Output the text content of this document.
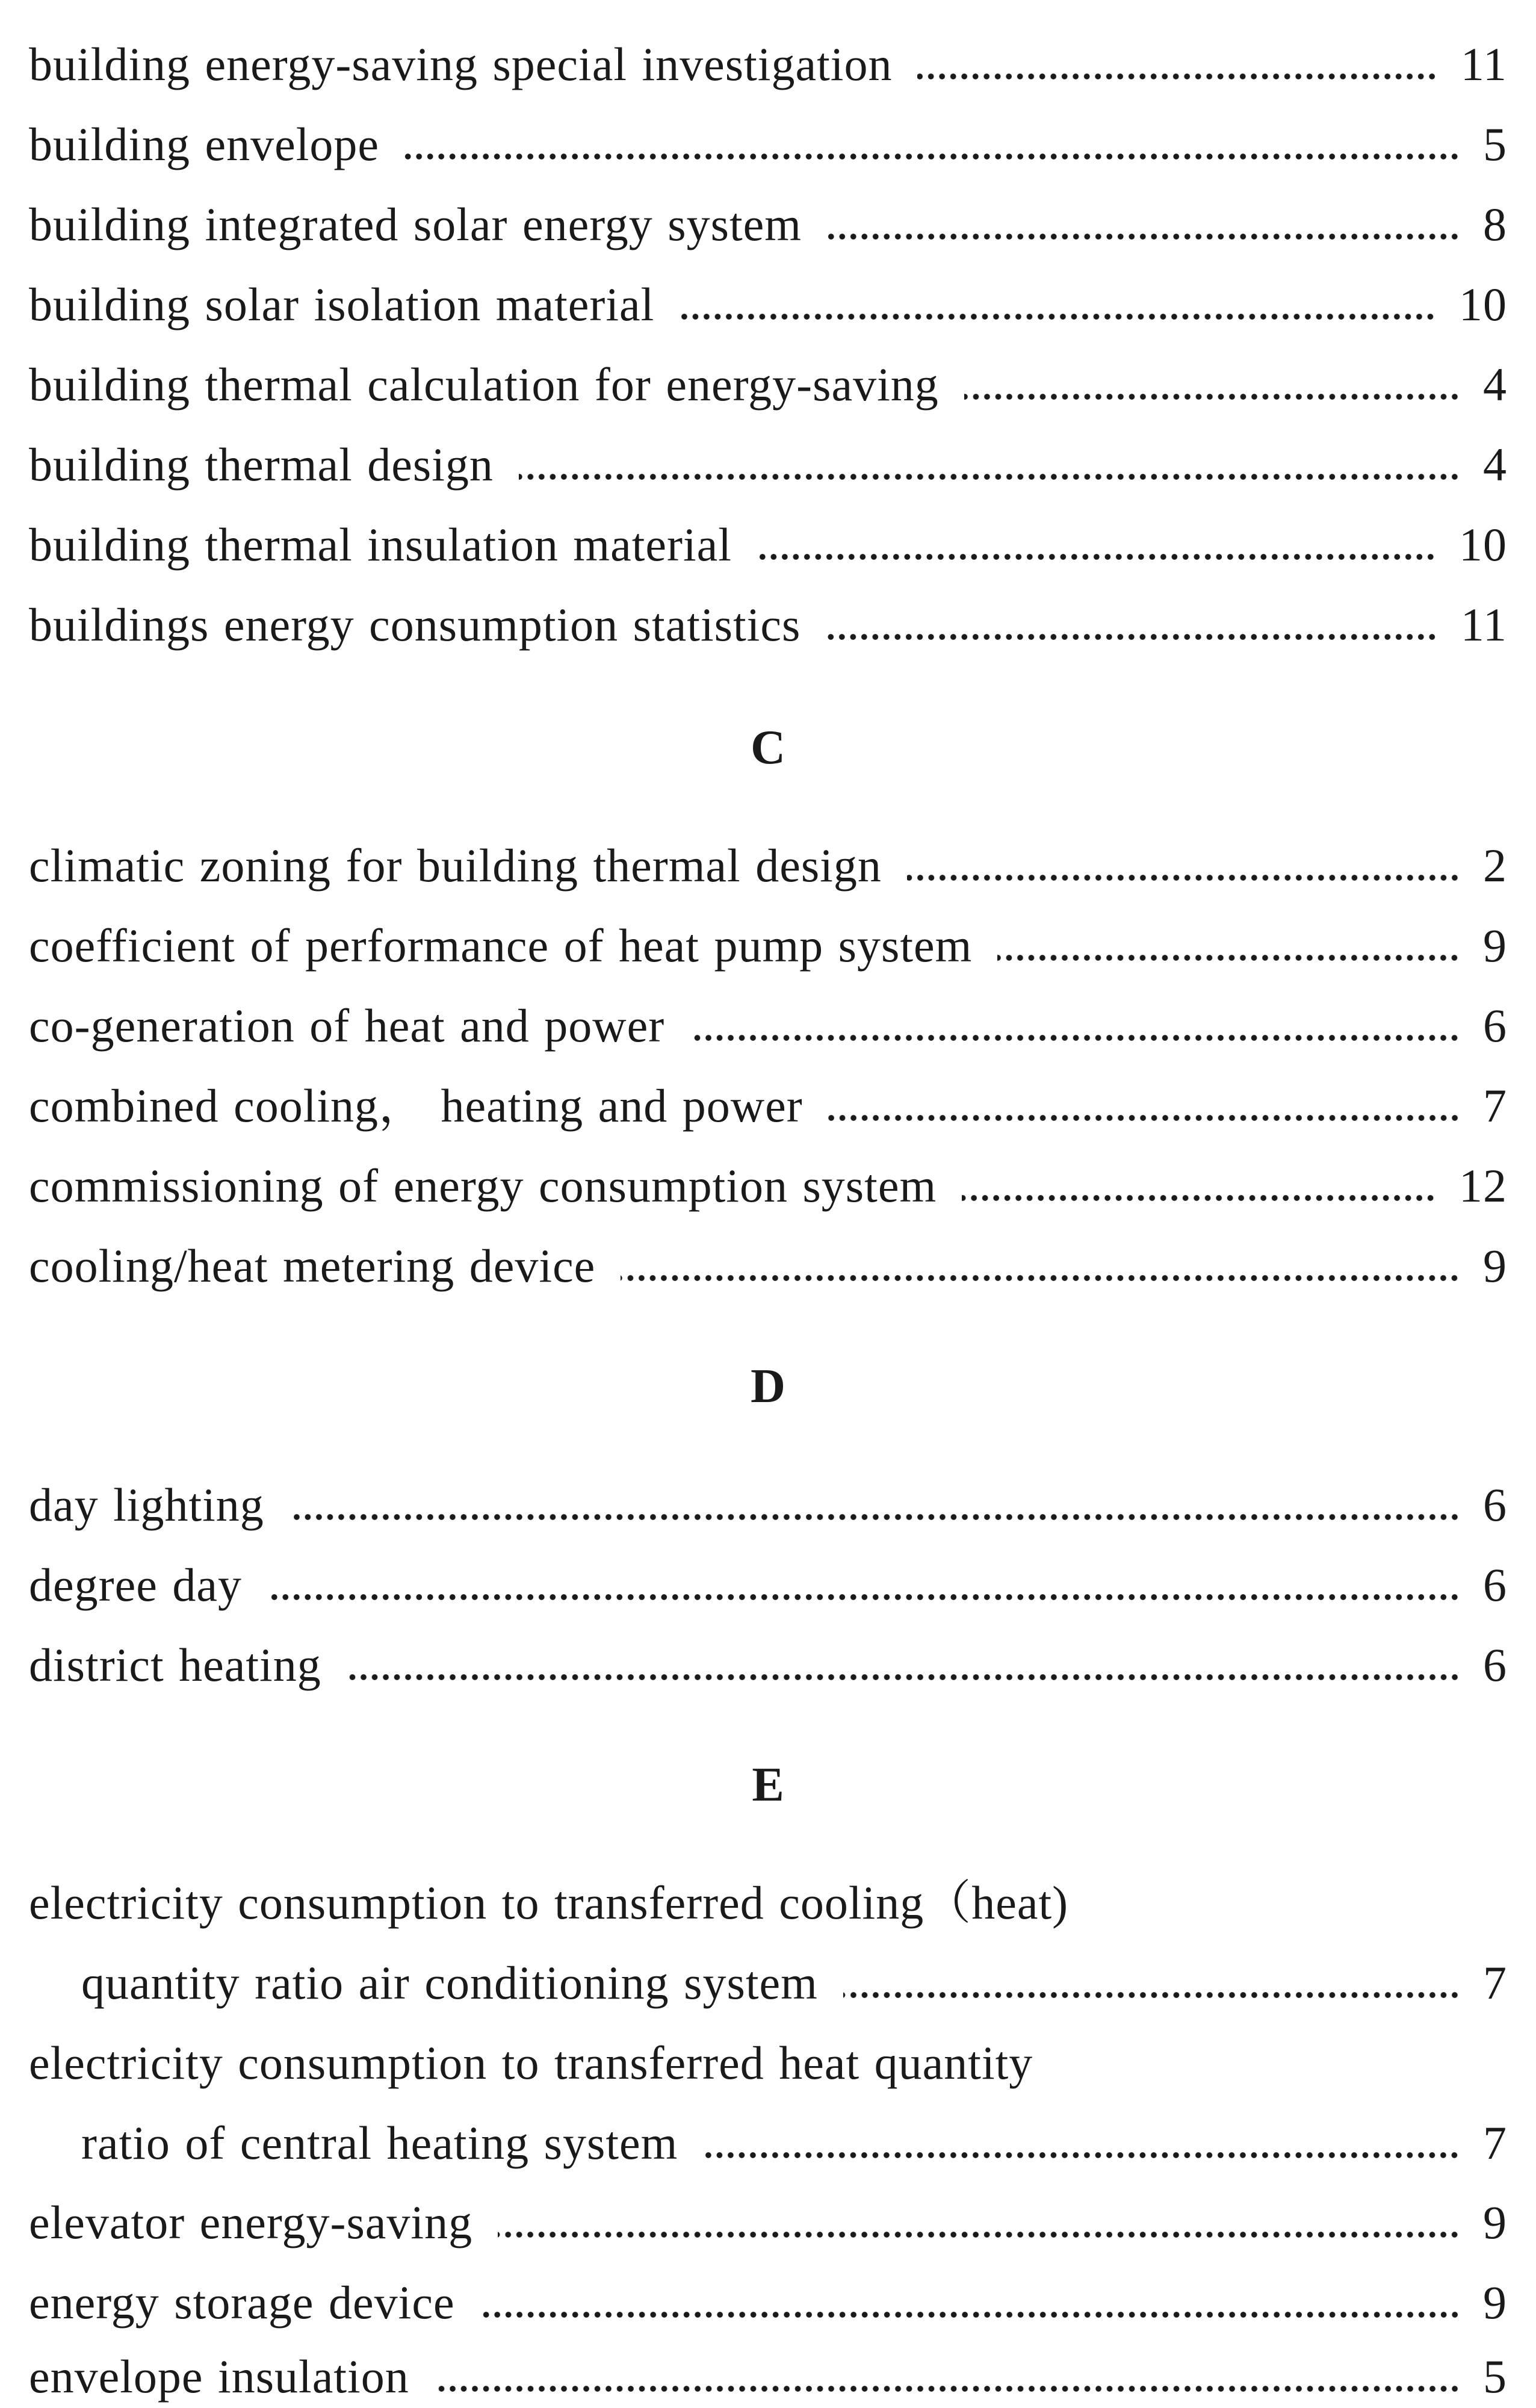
building energy-saving special investigation	11
building envelope	5
building integrated solar energy system	8
building solar isolation material	10
building thermal calculation for energy-saving	4
building thermal design	4
building thermal insulation material	10
buildings energy consumption statistics	11
C
climatic zoning for building thermal design	2
coefficient of performance of heat pump system	9
co-generation of heat and power	6
combined cooling， heating and power	7
commissioning of energy consumption system	12
cooling/heat metering device	9
D
day lighting	6
degree day	6
district heating	6
E
electricity consumption to transferred cooling（heat)
quantity ratio air conditioning system	7
electricity consumption to transferred heat quantity
ratio of central heating system	7
elevator energy-saving	9
energy storage device	9
envelope insulation	5
